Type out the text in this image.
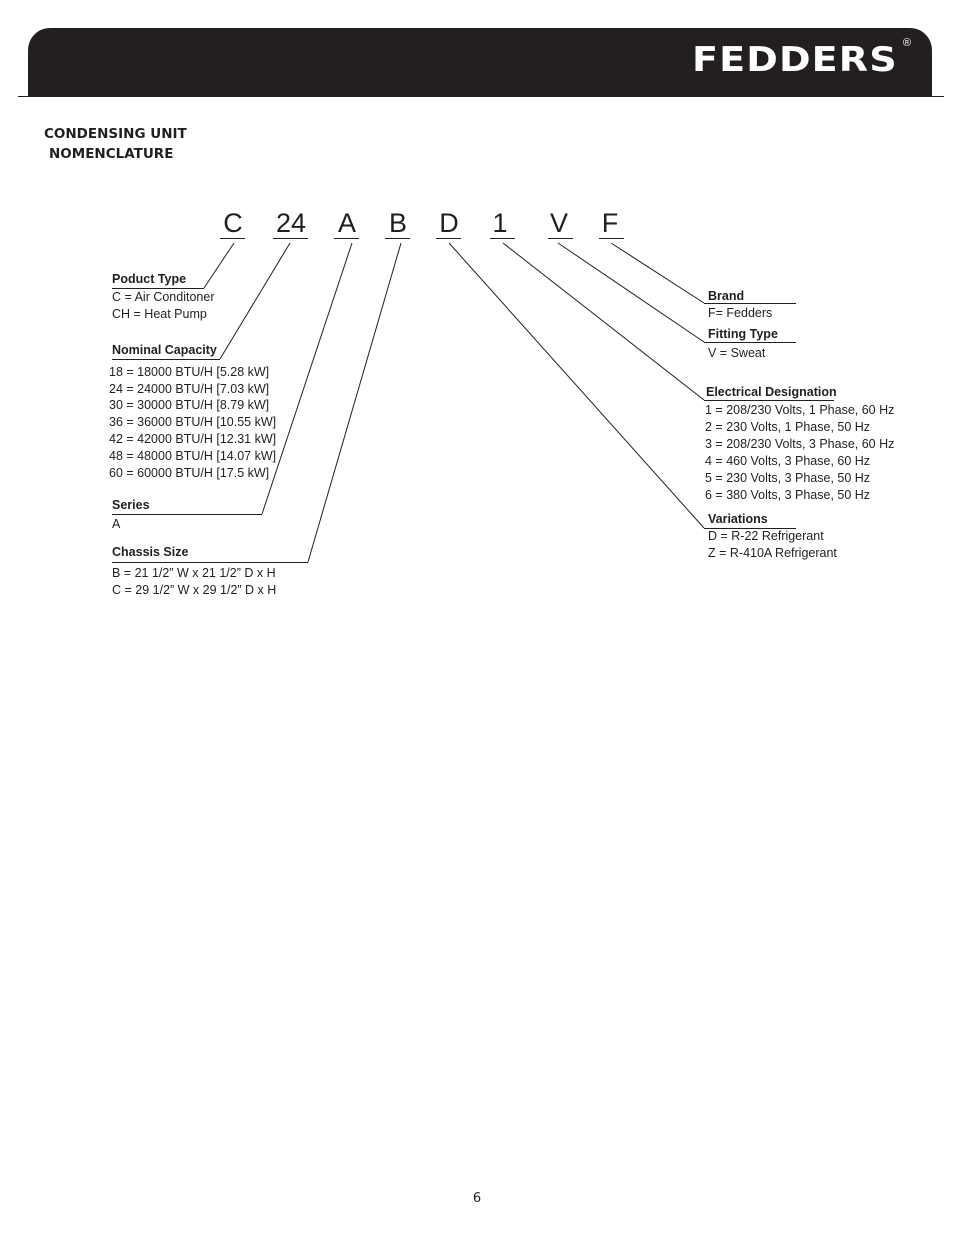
FEDDERS ®
CONDENSING UNIT
NOMENCLATURE
C 24 A B D	1	V	F
Poduct Type
C = Air Conditoner
CH = Heat Pump
Nominal Capacity
18 = 18000 BTU/H [5.28 kW]
24 = 24000 BTU/H [7.03 kW]
30 = 30000 BTU/H [8.79 kW]
36 = 36000 BTU/H [10.55 kW]
42 = 42000 BTU/H [12.31 kW]
48 = 48000 BTU/H [14.07 kW]
60 = 60000 BTU/H [17.5 kW]
Series
A
Chassis Size
B = 21 1/2” W x 21 1/2” D x H
C = 29 1/2” W x 29 1/2” D x H
Brand
F= Fedders
Fitting Type
V = Sweat
Electrical Designation
1 = 208/230 Volts, 1 Phase, 60 Hz
2 = 230 Volts, 1 Phase, 50 Hz
3 = 208/230 Volts, 3 Phase, 60 Hz
4 = 460 Volts, 3 Phase, 60 Hz
5 = 230 Volts, 3 Phase, 50 Hz
6 = 380 Volts, 3 Phase, 50 Hz
Variations
D = R-22 Refrigerant
Z = R-410A Refrigerant
6
